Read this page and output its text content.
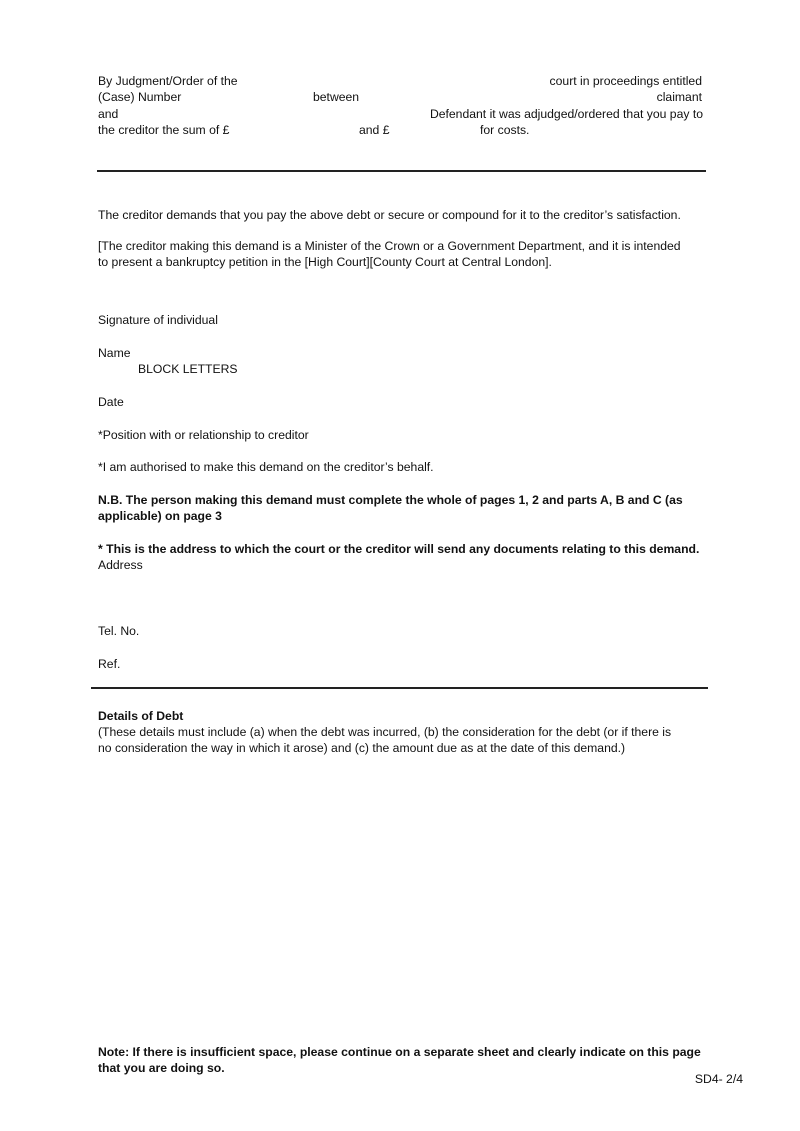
By Judgment/Order of the	court in proceedings entitled
(Case) Number	between	claimant
and	Defendant it was adjudged/ordered that you pay to
the creditor the sum of £	and £	for costs.
The creditor demands that you pay the above debt or secure or compound for it to the creditor’s satisfaction.
[The creditor making this demand is a Minister of the Crown or a Government Department, and it is intended
to present a bankruptcy petition in the [High Court][County Court at Central London].
Signature of individual
Name
BLOCK LETTERS
Date
*Position with or relationship to creditor
*I am authorised to make this demand on the creditor’s behalf.
N.B. The person making this demand must complete the whole of pages 1, 2 and parts A, B and C (as
applicable) on page 3
* This is the address to which the court or the creditor will send any documents relating to this demand.
Address
Tel. No.
Ref.
Details of Debt
(These details must include (a) when the debt was incurred, (b) the consideration for the debt (or if there is
no consideration the way in which it arose) and (c) the amount due as at the date of this demand.)
Note: If there is insufficient space, please continue on a separate sheet and clearly indicate on this page
that you are doing so.
SD4- 2/4
